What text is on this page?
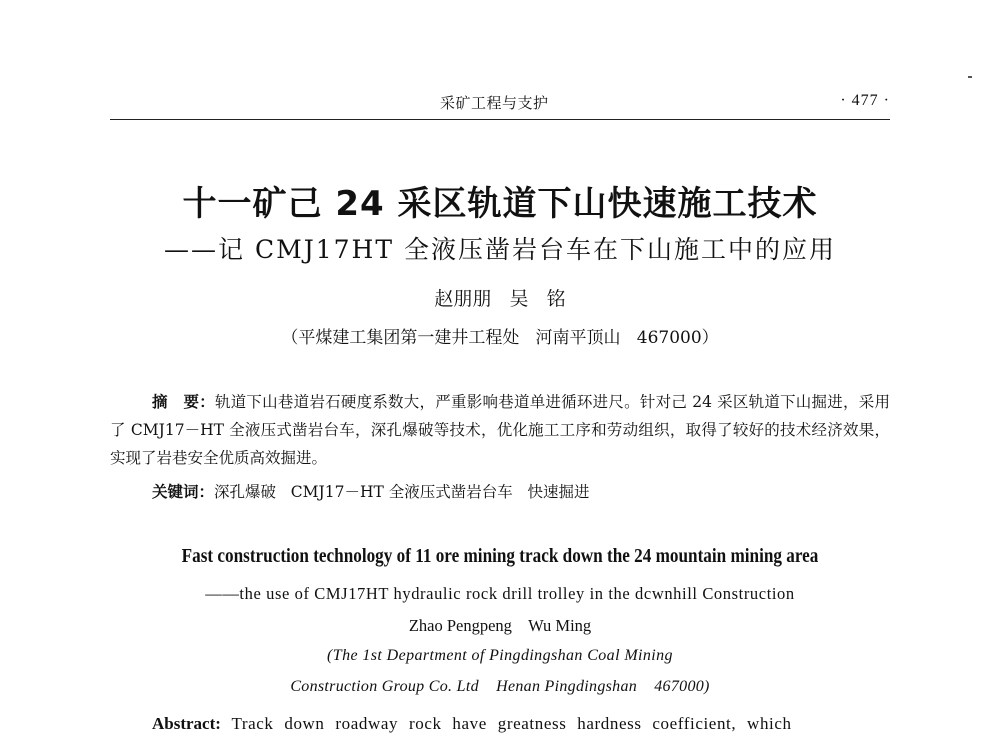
采矿工程与支护	· 477 ·
十一矿己 24 采区轨道下山快速施工技术
——记 CMJ17HT 全液压凿岩台车在下山施工中的应用
赵朋朋   吴   铭
（平煤建工集团第一建井工程处   河南平顶山   467000）
摘　要：轨道下山巷道岩石硬度系数大，严重影响巷道单进循环进尺。针对己 24 采区轨道下山掘进，采用了 CMJ17－HT 全液压式凿岩台车，深孔爆破等技术，优化施工工序和劳动组织，取得了较好的技术经济效果，实现了岩巷安全优质高效掘进。
关键词：深孔爆破   CMJ17－HT 全液压式凿岩台车   快速掘进
Fast construction technology of 11 ore mining track down the 24 mountain mining area
——the use of CMJ17HT hydraulic rock drill trolley in the dcwnhill Construction
Zhao Pengpeng    Wu Ming
(The 1st Department of Pingdingshan Coal Mining
Construction Group Co. Ltd    Henan Pingdingshan    467000)
Abstract: Track down roadway rock have greatness hardness coefficient, which
